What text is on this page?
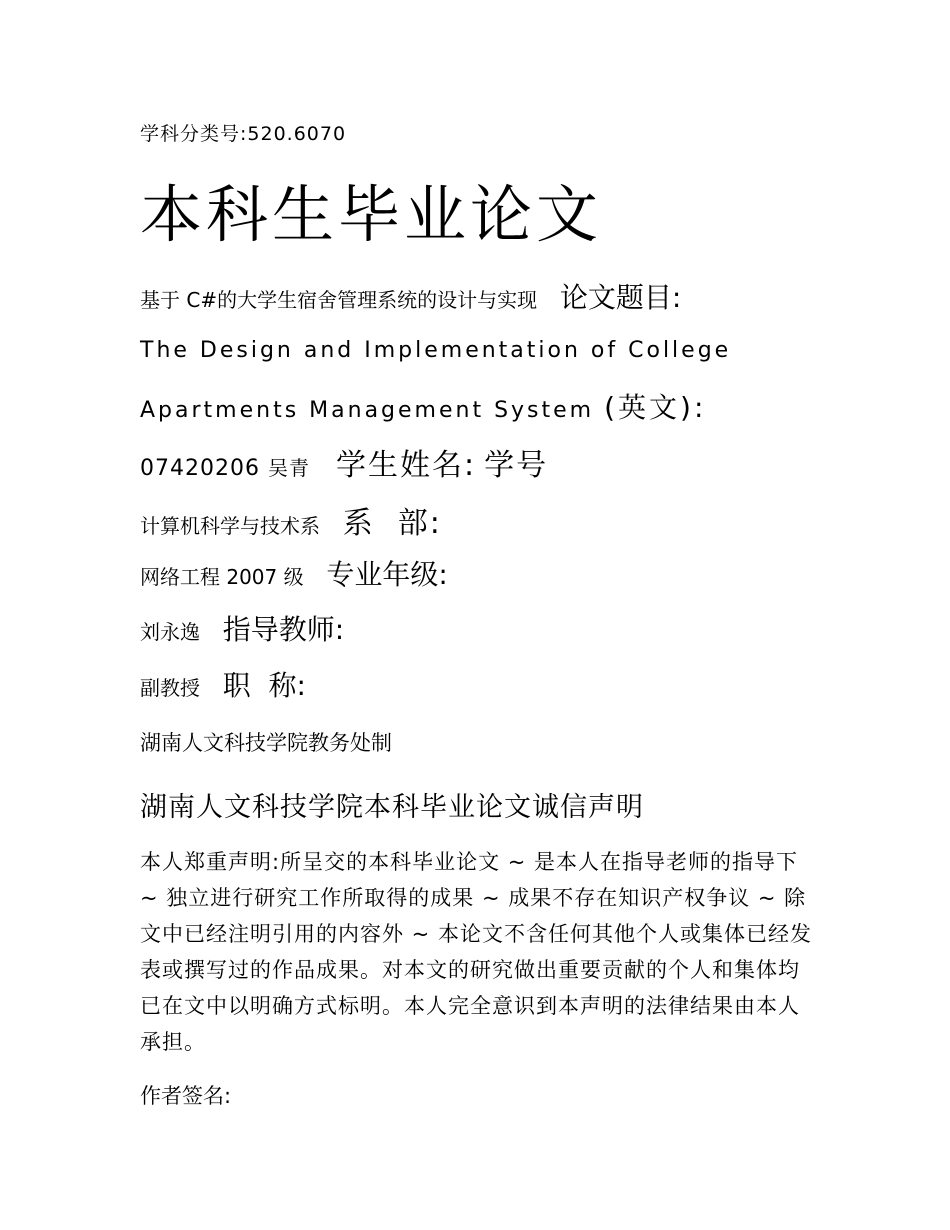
学科分类号:520.6070
本科生毕业论文
基于 C#的大学生宿舍管理系统的设计与实现 论文题目:
The Design and Implementation of College
Apartments Management System (英文):
07420206 吴青 学生姓名: 学号
计算机科学与技术系 系  部:
网络工程 2007 级 专业年级:
刘永逸 指导教师:
副教授 职  称:
湖南人文科技学院教务处制
湖南人文科技学院本科毕业论文诚信声明
本人郑重声明:所呈交的本科毕业论文 ~ 是本人在指导老师的指导下 ~ 独立进行研究工作所取得的成果 ~ 成果不存在知识产权争议 ~ 除文中已经注明引用的内容外 ~ 本论文不含任何其他个人或集体已经发表或撰写过的作品成果。对本文的研究做出重要贡献的个人和集体均已在文中以明确方式标明。本人完全意识到本声明的法律结果由本人承担。
作者签名:
